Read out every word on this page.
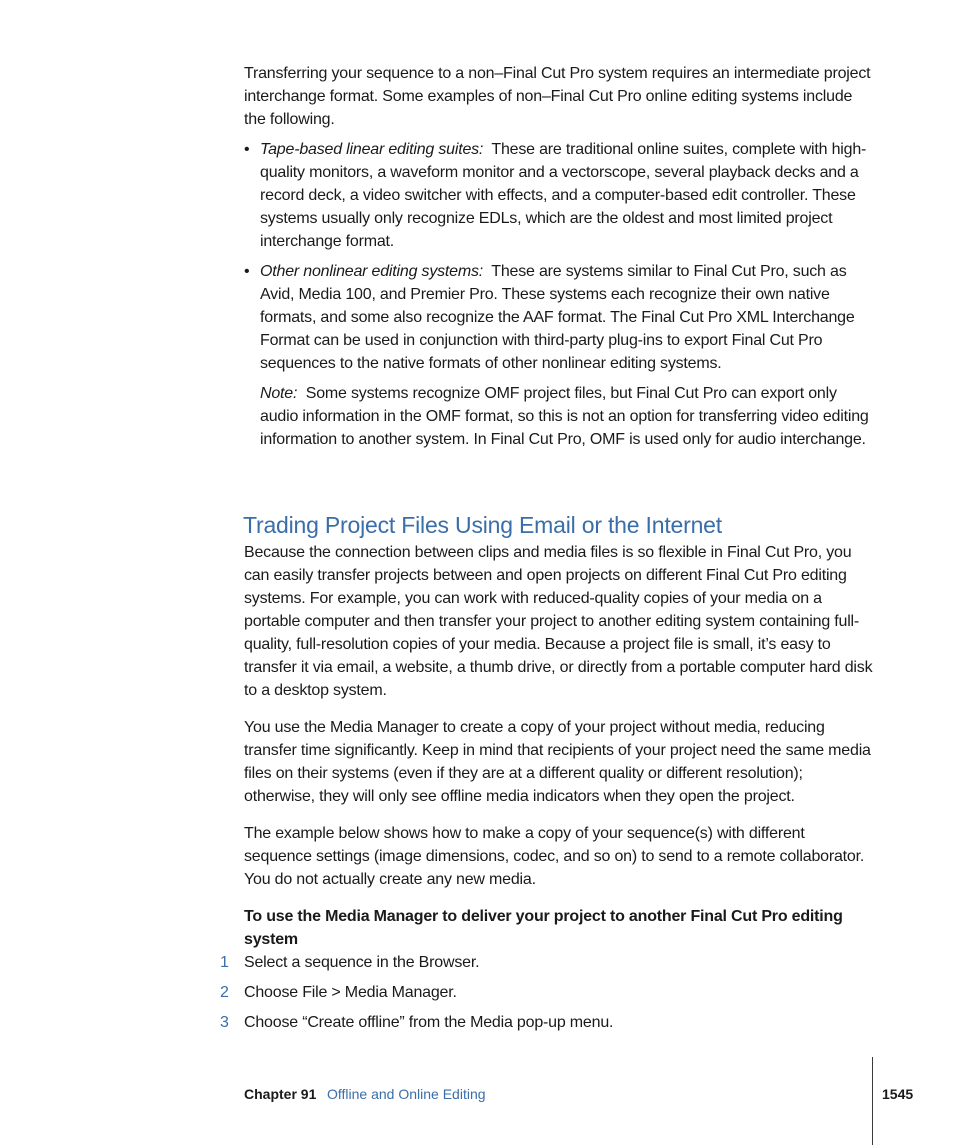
Transferring your sequence to a non–Final Cut Pro system requires an intermediate project interchange format. Some examples of non–Final Cut Pro online editing systems include the following.

• Tape-based linear editing suites: These are traditional online suites, complete with high-quality monitors, a waveform monitor and a vectorscope, several playback decks and a record deck, a video switcher with effects, and a computer-based edit controller. These systems usually only recognize EDLs, which are the oldest and most limited project interchange format.

• Other nonlinear editing systems: These are systems similar to Final Cut Pro, such as Avid, Media 100, and Premier Pro. These systems each recognize their own native formats, and some also recognize the AAF format. The Final Cut Pro XML Interchange Format can be used in conjunction with third-party plug-ins to export Final Cut Pro sequences to the native formats of other nonlinear editing systems.

Note: Some systems recognize OMF project files, but Final Cut Pro can export only audio information in the OMF format, so this is not an option for transferring video editing information to another system. In Final Cut Pro, OMF is used only for audio interchange.

Trading Project Files Using Email or the Internet

Because the connection between clips and media files is so flexible in Final Cut Pro, you can easily transfer projects between and open projects on different Final Cut Pro editing systems. For example, you can work with reduced-quality copies of your media on a portable computer and then transfer your project to another editing system containing full-quality, full-resolution copies of your media. Because a project file is small, it’s easy to transfer it via email, a website, a thumb drive, or directly from a portable computer hard disk to a desktop system.

You use the Media Manager to create a copy of your project without media, reducing transfer time significantly. Keep in mind that recipients of your project need the same media files on their systems (even if they are at a different quality or different resolution); otherwise, they will only see offline media indicators when they open the project.

The example below shows how to make a copy of your sequence(s) with different sequence settings (image dimensions, codec, and so on) to send to a remote collaborator. You do not actually create any new media.

To use the Media Manager to deliver your project to another Final Cut Pro editing system

1 Select a sequence in the Browser.

2 Choose File > Media Manager.

3 Choose “Create offline” from the Media pop-up menu.

Chapter 91 Offline and Online Editing	1545
